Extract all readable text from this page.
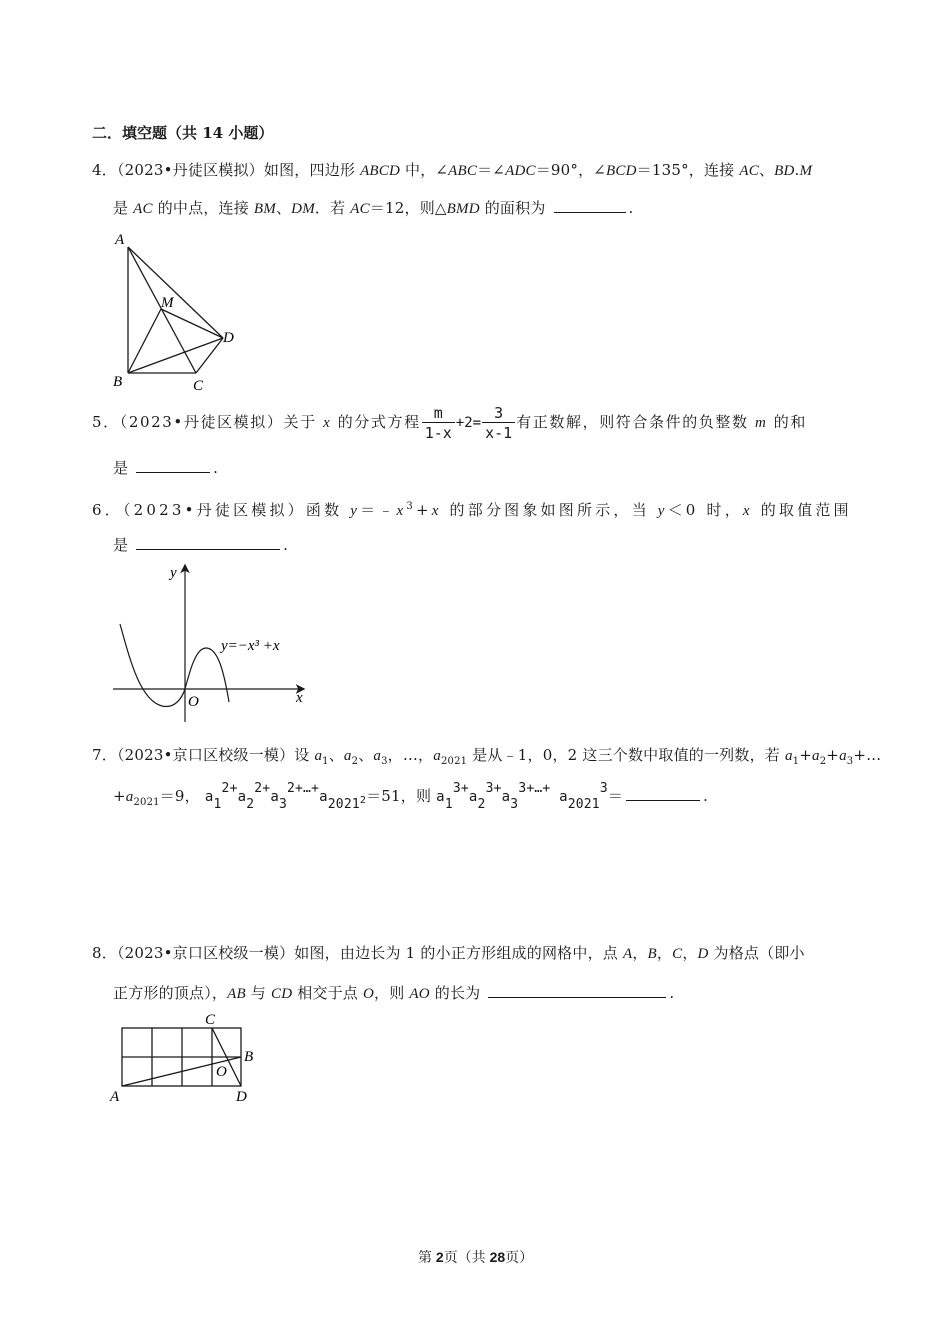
二．填空题（共 14 小题）
4．（2023•丹徒区模拟）如图，四边形 ABCD 中，∠ABC＝∠ADC＝90°，∠BCD＝135°，连接 AC、BD.M
是 AC 的中点，连接 BM、DM．若 AC＝12，则△BMD 的面积为	.
A
B	C
D
M
5．（2023•丹徒区模拟）关于 x 的分式方程 $\frac{m}{1-x} +2= \frac{3}{x-1}$ 有正数解，则符合条件的负整数 m 的和
是	.
6．（2023•丹徒区模拟）函数 $y=﹣x^3+x$ 的部分图象如图所示，当 y＜0 时，x 的取值范围
是	.
y
x
O
y=−x³ +x
7．（2023•京口区校级一模）设 $a_1$、$a_2$、$a_3$，…，$a_{2021}$ 是从﹣1，0，2 这三个数中取值的一列数，若 $a_1+a_2+a_3+\dots$
$+a_{2021}=9$， a12+a22+a32+…+a20212＝51，则 a13+a23+a33+…+ a20213＝	.
8．（2023•京口区校级一模）如图，由边长为 1 的小正方形组成的网格中，点 A，B，C，D 为格点（即小
正方形的顶点），AB 与 CD 相交于点 O，则 AO 的长为	.
A
B
C
D
O
第 2页（共 28页）
